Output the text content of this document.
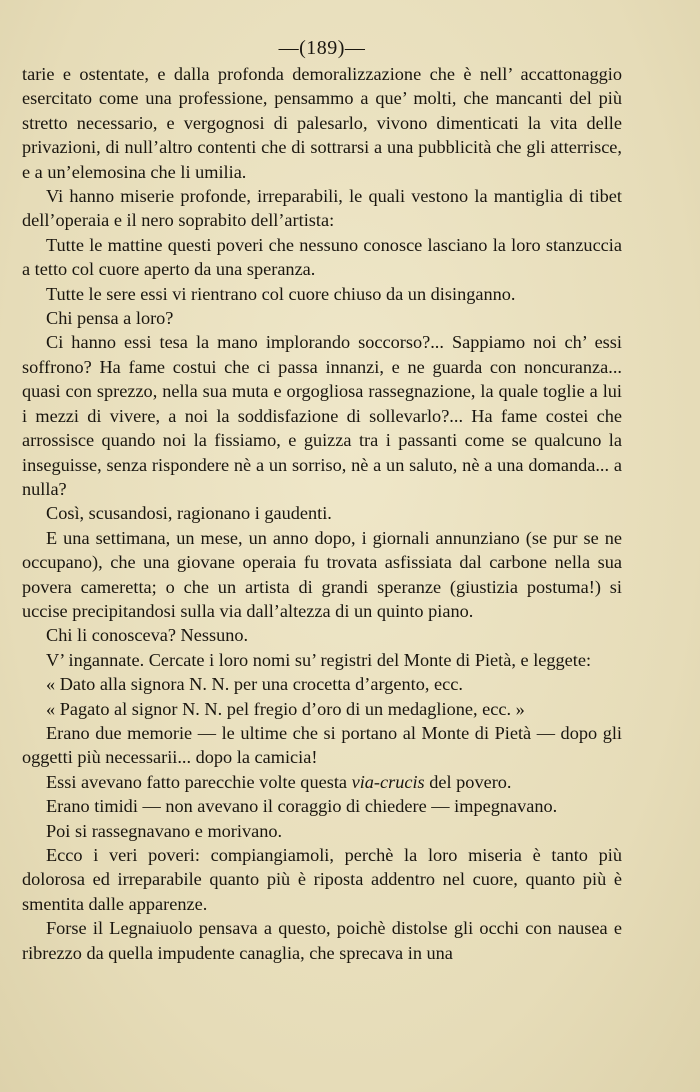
—(189)—

tarie e ostentate, e dalla profonda demoralizzazione che è nell’ accattonaggio esercitato come una professione, pensammo a que’ molti, che mancanti del più stretto necessario, e vergognosi di palesarlo, vivono dimenticati la vita delle privazioni, di null’altro contenti che di sottrarsi a una pubblicità che gli atterrisce, e a un’elemosina che li umilia.

Vi hanno miserie profonde, irreparabili, le quali vestono la mantiglia di tibet dell’operaia e il nero soprabito dell’artista:

Tutte le mattine questi poveri che nessuno conosce lasciano la loro stanzuccia a tetto col cuore aperto da una speranza.

Tutte le sere essi vi rientrano col cuore chiuso da un disinganno.

Chi pensa a loro?

Ci hanno essi tesa la mano implorando soccorso?... Sappiamo noi ch’ essi soffrono? Ha fame costui che ci passa innanzi, e ne guarda con noncuranza... quasi con sprezzo, nella sua muta e orgogliosa rassegnazione, la quale toglie a lui i mezzi di vivere, a noi la soddisfazione di sollevarlo?... Ha fame costei che arrossisce quando noi la fissiamo, e guizza tra i passanti come se qualcuno la inseguisse, senza rispondere nè a un sorriso, nè a un saluto, nè a una domanda... a nulla?

Così, scusandosi, ragionano i gaudenti.

E una settimana, un mese, un anno dopo, i giornali annunziano (se pur se ne occupano), che una giovane operaia fu trovata asfissiata dal carbone nella sua povera cameretta; o che un artista di grandi speranze (giustizia postuma!) si uccise precipitandosi sulla via dall’altezza di un quinto piano.

Chi li conosceva? Nessuno.

V’ ingannate. Cercate i loro nomi su’ registri del Monte di Pietà, e leggete:

« Dato alla signora N. N. per una crocetta d’argento, ecc.

« Pagato al signor N. N. pel fregio d’oro di un medaglione, ecc. »

Erano due memorie — le ultime che si portano al Monte di Pietà — dopo gli oggetti più necessarii... dopo la camicia!

Essi avevano fatto parecchie volte questa via-crucis del povero.

Erano timidi — non avevano il coraggio di chiedere — impegnavano.

Poi si rassegnavano e morivano.

Ecco i veri poveri: compiangiamoli, perchè la loro miseria è tanto più dolorosa ed irreparabile quanto più è riposta addentro nel cuore, quanto più è smentita dalle apparenze.

Forse il Legnaiuolo pensava a questo, poichè distolse gli occhi con nausea e ribrezzo da quella impudente canaglia, che sprecava in una
